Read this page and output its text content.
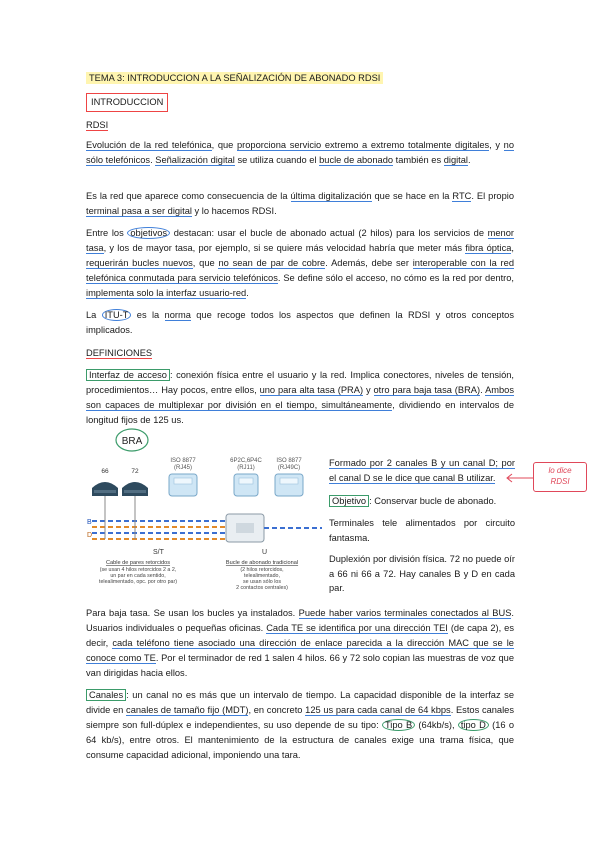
TEMA 3: INTRODUCCION A LA SEÑALIZACIÓN DE ABONADO RDSI
INTRODUCCION
RDSI

Evolución de la red telefónica, que proporciona servicio extremo a extremo totalmente digitales, y no sólo telefónicos. Señalización digital se utiliza cuando el bucle de abonado también es digital.

Es la red que aparece como consecuencia de la última digitalización que se hace en la RTC. El propio terminal pasa a ser digital y lo hacemos RDSI.

Entre los objetivos destacan: usar el bucle de abonado actual (2 hilos) para los servicios de menor tasa, y los de mayor tasa, por ejemplo, si se quiere más velocidad habría que meter más fibra óptica, requerirán bucles nuevos, que no sean de par de cobre. Además, debe ser interoperable con la red telefónica conmutada para servicio telefónicos. Se define sólo el acceso, no cómo es la red por dentro, implementa solo la interfaz usuario-red.

La ITU-T es la norma que recoge todos los aspectos que definen la RDSI y otros conceptos implicados.

DEFINICIONES

Interfaz de acceso : conexión física entre el usuario y la red. Implica conectores, niveles de tensión, procedimientos… Hay pocos, entre ellos, uno para alta tasa (PRA) y otro para baja tasa (BRA). Ambos son capaces de multiplexar por división en el tiempo, simultáneamente, dividiendo en intervalos de longitud fijos de 125 us.

BRA
ISO 8877
(RJ45)
6P2C,6P4C
(RJ11)
ISO 8877
(RJ49C)
66	72
B
D
S/T	U
Cable de pares retorcidos
(se usan 4 hilos retorcidos 2 a 2,
un par en cada sentido,
telealimentado, opc. por otro par)
Bucle de abonado tradicional
(2 hilos retorcidos,
telealimentado,
se usan sólo los
2 contactos centrales)

Formado por 2 canales B y un canal D; por el canal D se le dice que canal B utilizar.

Objetivo : Conservar bucle de abonado.

Terminales tele alimentados por circuito fantasma.

Duplexión por división física. 72 no puede oír a 66 ni 66 a 72. Hay canales B y D en cada par.

lo dice
RDSI

Para baja tasa. Se usan los bucles ya instalados. Puede haber varios terminales conectados al BUS. Usuarios individuales o pequeñas oficinas. Cada TE se identifica por una dirección TEI (de capa 2), es decir, cada teléfono tiene asociado una dirección de enlace parecida a la dirección MAC que se le conoce como TE. Por el terminador de red 1 salen 4 hilos. 66 y 72 solo copian las muestras de voz que van dirigidas hacia ellos.

Canales : un canal no es más que un intervalo de tiempo. La capacidad disponible de la interfaz se divide en canales de tamaño fijo (MDT), en concreto 125 us para cada canal de 64 kbps. Estos canales siempre son full-dúplex e independientes, su uso depende de su tipo: Tipo B (64kb/s), tipo D (16 o 64 kb/s), entre otros. El mantenimiento de la estructura de canales exige una trama física, que consume capacidad adicional, imponiendo una tara.
